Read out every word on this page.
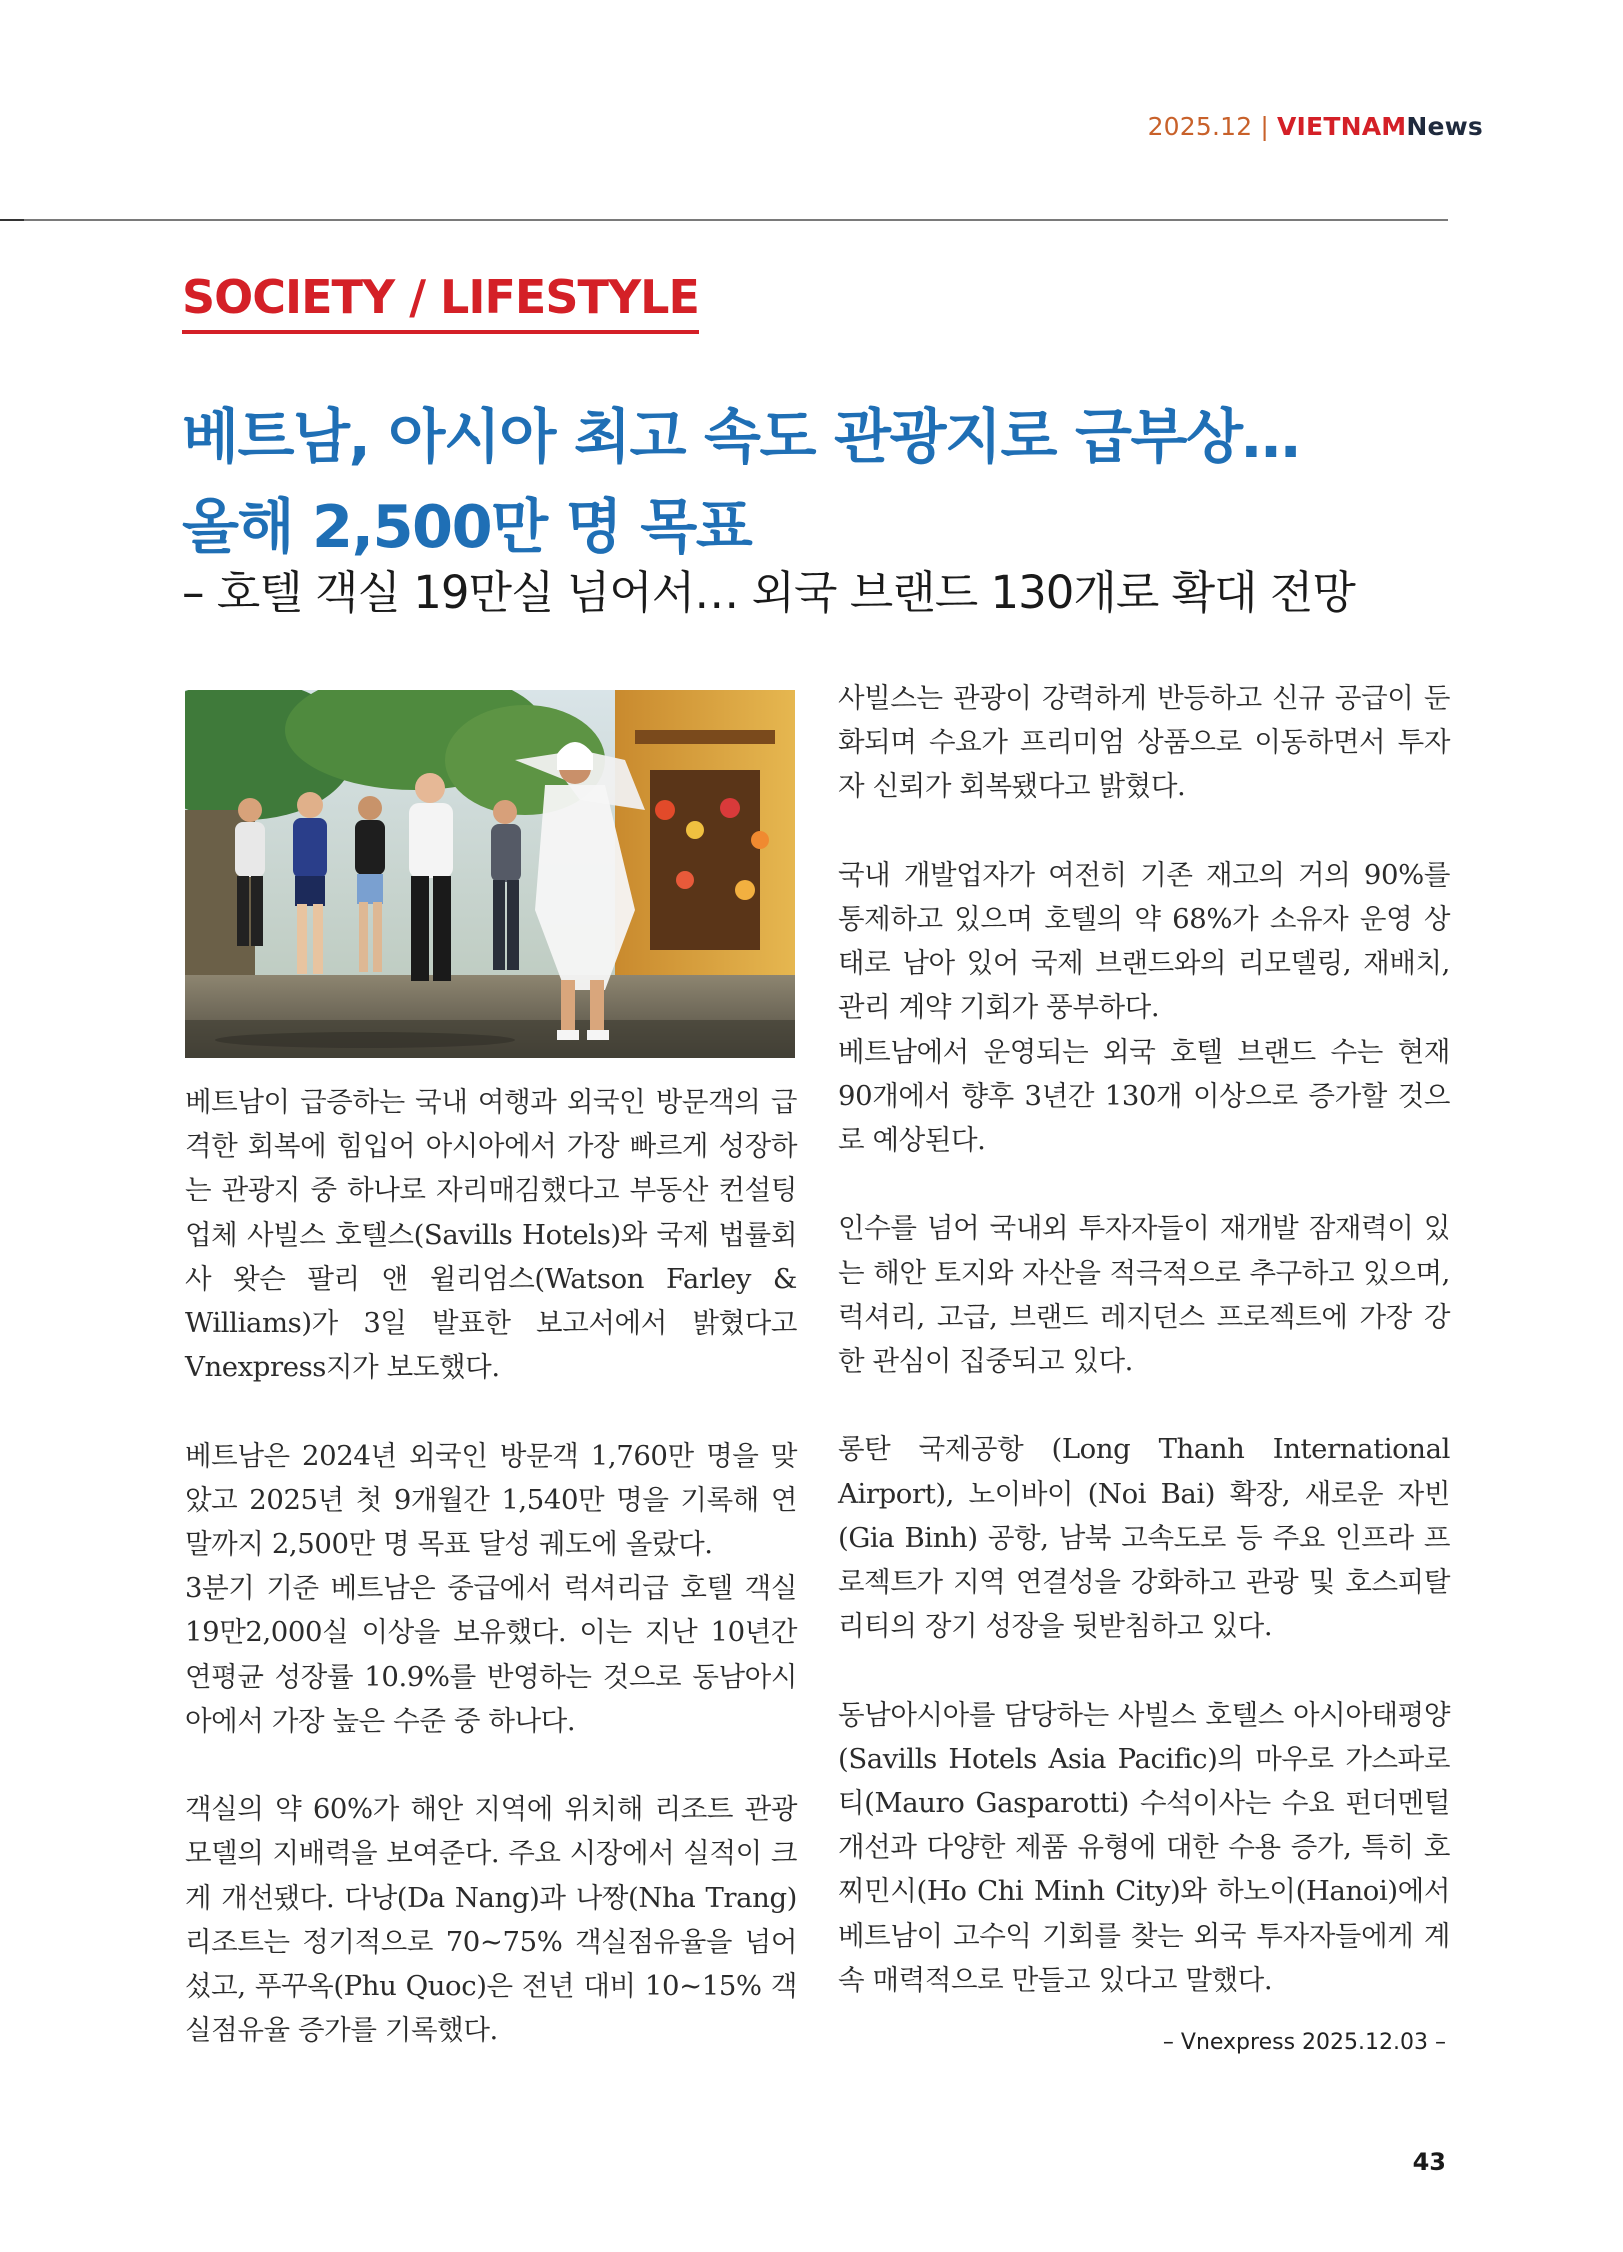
2025.12 | VIETNAMNews
SOCIETY / LIFESTYLE
베트남, 아시아 최고 속도 관광지로 급부상…
올해 2,500만 명 목표
– 호텔 객실 19만실 넘어서… 외국 브랜드 130개로 확대 전망

베트남이 급증하는 국내 여행과 외국인 방문객의 급격한 회복에 힘입어 아시아에서 가장 빠르게 성장하는 관광지 중 하나로 자리매김했다고 부동산 컨설팅업체 사빌스 호텔스(Savills Hotels)와 국제 법률회사 왓슨 팔리 앤 윌리엄스(Watson Farley & Williams)가 3일 발표한 보고서에서 밝혔다고 Vnexpress지가 보도했다.

베트남은 2024년 외국인 방문객 1,760만 명을 맞았고 2025년 첫 9개월간 1,540만 명을 기록해 연말까지 2,500만 명 목표 달성 궤도에 올랐다.

3분기 기준 베트남은 중급에서 럭셔리급 호텔 객실 19만2,000실 이상을 보유했다. 이는 지난 10년간 연평균 성장률 10.9%를 반영하는 것으로 동남아시아에서 가장 높은 수준 중 하나다.

객실의 약 60%가 해안 지역에 위치해 리조트 관광 모델의 지배력을 보여준다. 주요 시장에서 실적이 크게 개선됐다. 다낭(Da Nang)과 나짱(Nha Trang) 리조트는 정기적으로 70~75% 객실점유율을 넘어섰고, 푸꾸옥(Phu Quoc)은 전년 대비 10~15% 객실점유율 증가를 기록했다.

사빌스는 관광이 강력하게 반등하고 신규 공급이 둔화되며 수요가 프리미엄 상품으로 이동하면서 투자자 신뢰가 회복됐다고 밝혔다.

국내 개발업자가 여전히 기존 재고의 거의 90%를 통제하고 있으며 호텔의 약 68%가 소유자 운영 상태로 남아 있어 국제 브랜드와의 리모델링, 재배치, 관리 계약 기회가 풍부하다.

베트남에서 운영되는 외국 호텔 브랜드 수는 현재 90개에서 향후 3년간 130개 이상으로 증가할 것으로 예상된다.

인수를 넘어 국내외 투자자들이 재개발 잠재력이 있는 해안 토지와 자산을 적극적으로 추구하고 있으며, 럭셔리, 고급, 브랜드 레지던스 프로젝트에 가장 강한 관심이 집중되고 있다.

롱탄 국제공항 (Long Thanh International Airport), 노이바이 (Noi Bai) 확장, 새로운 자빈(Gia Binh) 공항, 남북 고속도로 등 주요 인프라 프로젝트가 지역 연결성을 강화하고 관광 및 호스피탈리티의 장기 성장을 뒷받침하고 있다.

동남아시아를 담당하는 사빌스 호텔스 아시아태평양(Savills Hotels Asia Pacific)의 마우로 가스파로티(Mauro Gasparotti) 수석이사는 수요 펀더멘털 개선과 다양한 제품 유형에 대한 수용 증가, 특히 호찌민시(Ho Chi Minh City)와 하노이(Hanoi)에서 베트남이 고수익 기회를 찾는 외국 투자자들에게 계속 매력적으로 만들고 있다고 말했다.

– Vnexpress 2025.12.03 –
43
